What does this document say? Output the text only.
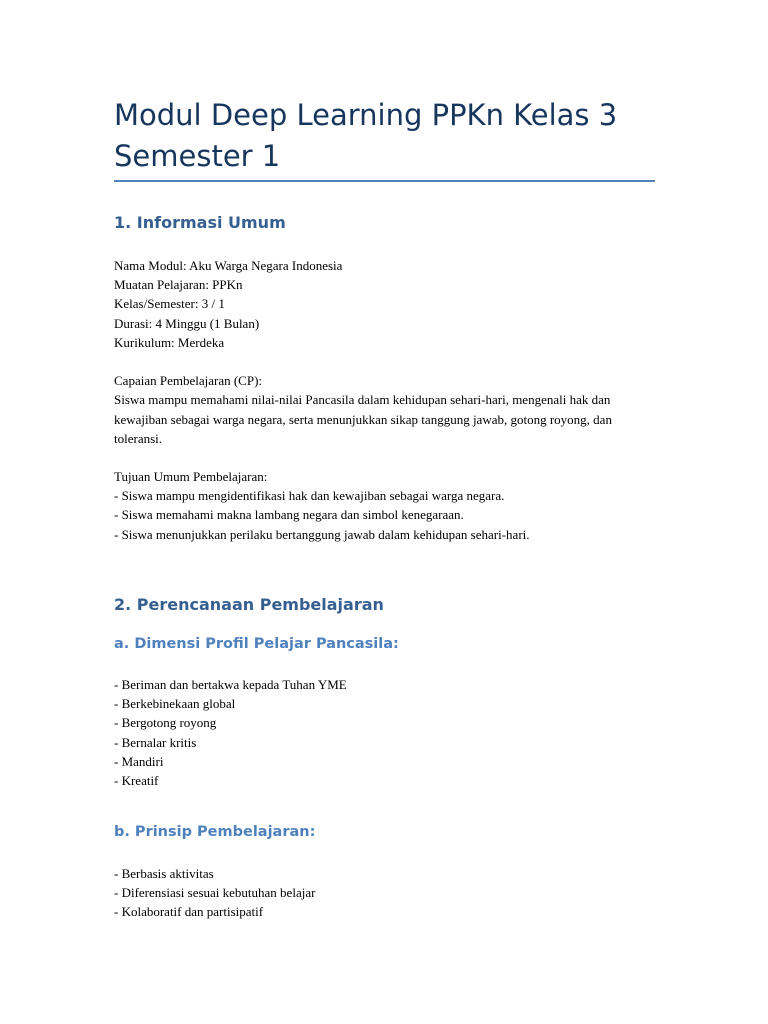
Modul Deep Learning PPKn Kelas 3 Semester 1
1. Informasi Umum
Nama Modul: Aku Warga Negara Indonesia
Muatan Pelajaran: PPKn
Kelas/Semester: 3 / 1
Durasi: 4 Minggu (1 Bulan)
Kurikulum: Merdeka
Capaian Pembelajaran (CP):

Siswa mampu memahami nilai-nilai Pancasila dalam kehidupan sehari-hari, mengenali hak dan kewajiban sebagai warga negara, serta menunjukkan sikap tanggung jawab, gotong royong, dan toleransi.

Tujuan Umum Pembelajaran:
- Siswa mampu mengidentifikasi hak dan kewajiban sebagai warga negara.
- Siswa memahami makna lambang negara dan simbol kenegaraan.
- Siswa menunjukkan perilaku bertanggung jawab dalam kehidupan sehari-hari.
2. Perencanaan Pembelajaran
a. Dimensi Profil Pelajar Pancasila:
- Beriman dan bertakwa kepada Tuhan YME
- Berkebinekaan global
- Bergotong royong
- Bernalar kritis
- Mandiri
- Kreatif
b. Prinsip Pembelajaran:
- Berbasis aktivitas
- Diferensiasi sesuai kebutuhan belajar
- Kolaboratif dan partisipatif
